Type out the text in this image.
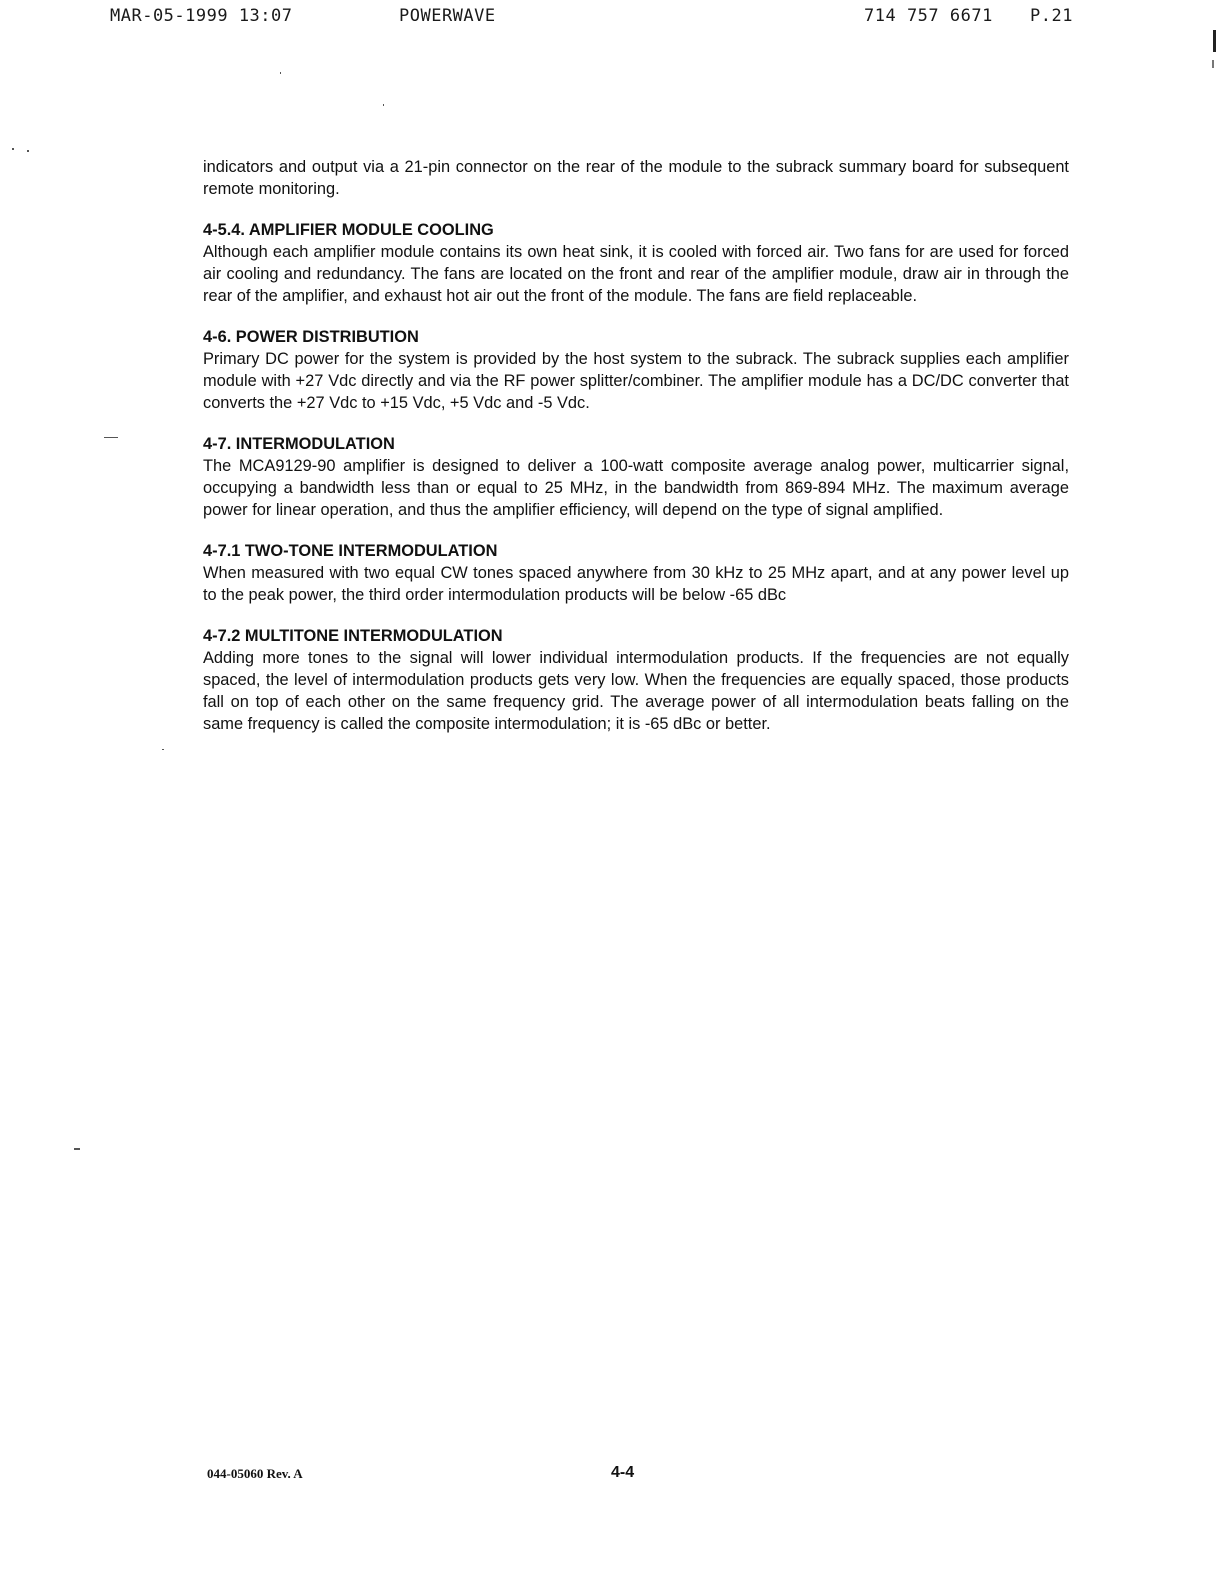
MAR-05-1999 13:07	POWERWAVE	714 757 6671 P.21

indicators and output via a 21-pin connector on the rear of the module to the subrack summary board for subsequent remote monitoring.

4-5.4. AMPLIFIER MODULE COOLING

Although each amplifier module contains its own heat sink, it is cooled with forced air. Two fans for are used for forced air cooling and redundancy. The fans are located on the front and rear of the amplifier module, draw air in through the rear of the amplifier, and exhaust hot air out the front of the module. The fans are field replaceable.

4-6. POWER DISTRIBUTION

Primary DC power for the system is provided by the host system to the subrack. The subrack supplies each amplifier module with +27 Vdc directly and via the RF power splitter/combiner. The amplifier module has a DC/DC converter that converts the +27 Vdc to +15 Vdc, +5 Vdc and -5 Vdc.

4-7. INTERMODULATION

The MCA9129-90 amplifier is designed to deliver a 100-watt composite average analog power, multicarrier signal, occupying a bandwidth less than or equal to 25 MHz, in the bandwidth from 869-894 MHz. The maximum average power for linear operation, and thus the amplifier efficiency, will depend on the type of signal amplified.

4-7.1 TWO-TONE INTERMODULATION

When measured with two equal CW tones spaced anywhere from 30 kHz to 25 MHz apart, and at any power level up to the peak power, the third order intermodulation products will be below -65 dBc

4-7.2 MULTITONE INTERMODULATION

Adding more tones to the signal will lower individual intermodulation products. If the frequencies are not equally spaced, the level of intermodulation products gets very low. When the frequencies are equally spaced, those products fall on top of each other on the same frequency grid. The average power of all intermodulation beats falling on the same frequency is called the composite intermodulation; it is -65 dBc or better.

044-05060 Rev. A	4-4
